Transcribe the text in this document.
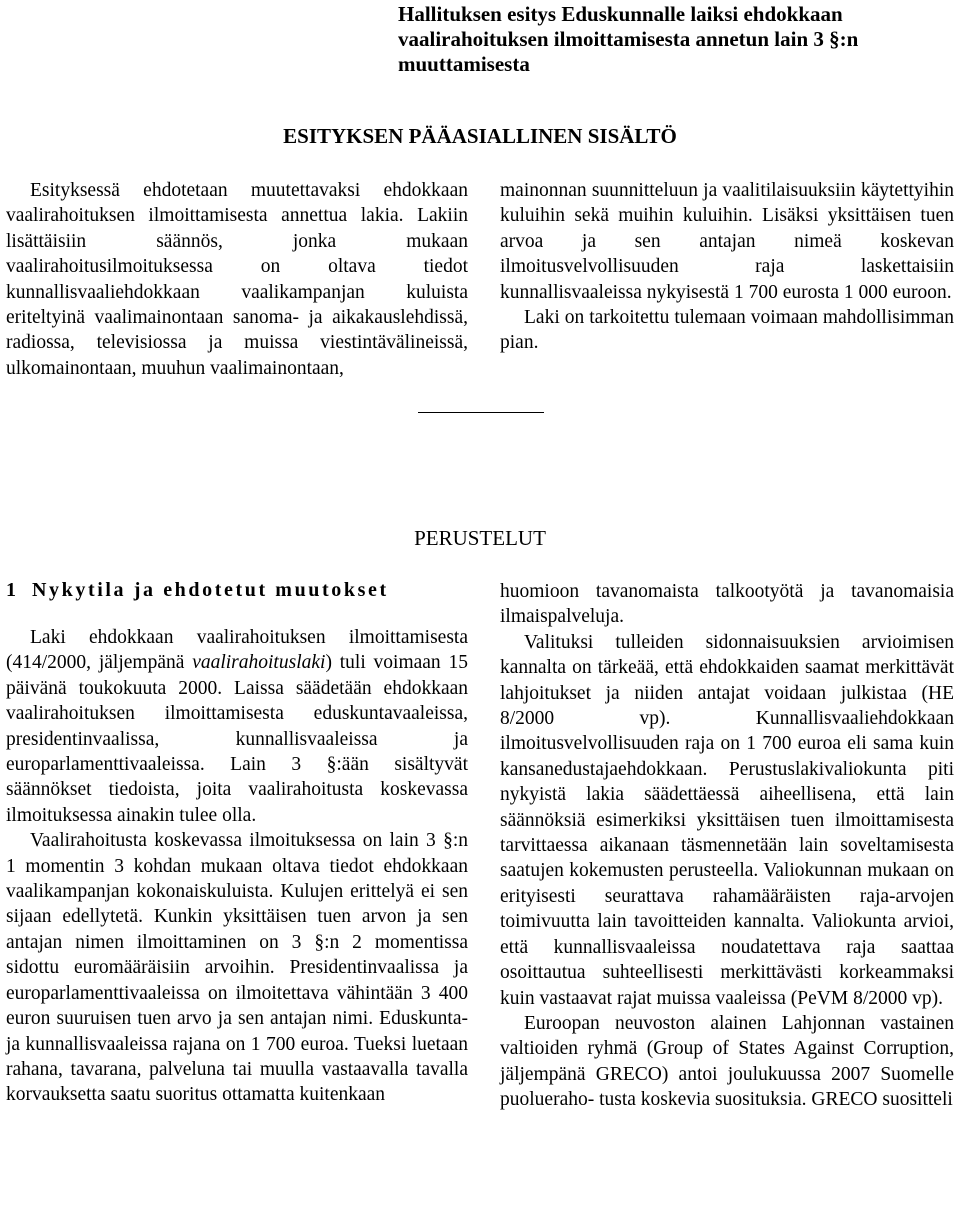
Hallituksen esitys Eduskunnalle laiksi ehdokkaan vaalirahoituksen ilmoittamisesta annetun lain 3 §:n muuttamisesta
ESITYKSEN PÄÄASIALLINEN SISÄLTÖ

Esityksessä ehdotetaan muutettavaksi ehdokkaan vaalirahoituksen ilmoittamisesta annettua lakia. Lakiin lisättäisiin säännös, jonka mukaan vaalirahoitusilmoituksessa on oltava tiedot kunnallisvaaliehdokkaan vaalikampanjan kuluista eriteltyinä vaalimainontaan sanoma- ja aikakauslehdissä, radiossa, televisiossa ja muissa viestintävälineissä, ulkomainontaan, muuhun vaalimainontaan,

mainonnan suunnitteluun ja vaalitilaisuuksiin käytettyihin kuluihin sekä muihin kuluihin. Lisäksi yksittäisen tuen arvoa ja sen antajan nimeä koskevan ilmoitusvelvollisuuden raja laskettaisiin kunnallisvaaleissa nykyisestä 1 700 eurosta 1 000 euroon.

Laki on tarkoitettu tulemaan voimaan mahdollisimman pian.

PERUSTELUT
1 Nykytila ja ehdotetut muutokset

Laki ehdokkaan vaalirahoituksen ilmoittamisesta (414/2000, jäljempänä vaalirahoituslaki) tuli voimaan 15 päivänä toukokuuta 2000. Laissa säädetään ehdokkaan vaalirahoituksen ilmoittamisesta eduskuntavaaleissa, presidentinvaalissa, kunnallisvaaleissa ja europarlamenttivaaleissa. Lain 3 §:ään sisältyvät säännökset tiedoista, joita vaalirahoitusta koskevassa ilmoituksessa ainakin tulee olla.

Vaalirahoitusta koskevassa ilmoituksessa on lain 3 §:n 1 momentin 3 kohdan mukaan oltava tiedot ehdokkaan vaalikampanjan kokonaiskuluista. Kulujen erittelyä ei sen sijaan edellytetä. Kunkin yksittäisen tuen arvon ja sen antajan nimen ilmoittaminen on 3 §:n 2 momentissa sidottu euromääräisiin arvoihin. Presidentinvaalissa ja europarlamenttivaaleissa on ilmoitettava vähintään 3 400 euron suuruisen tuen arvo ja sen antajan nimi. Eduskunta- ja kunnallisvaaleissa rajana on 1 700 euroa. Tueksi luetaan rahana, tavarana, palveluna tai muulla vastaavalla tavalla korvauksetta saatu suoritus ottamatta kuitenkaan

huomioon tavanomaista talkootyötä ja tavanomaisia ilmaispalveluja.

Valituksi tulleiden sidonnaisuuksien arvioimisen kannalta on tärkeää, että ehdokkaiden saamat merkittävät lahjoitukset ja niiden antajat voidaan julkistaa (HE 8/2000 vp). Kunnallisvaaliehdokkaan ilmoitusvelvollisuuden raja on 1 700 euroa eli sama kuin kansanedustajaehdokkaan. Perustuslakivaliokunta piti nykyistä lakia säädettäessä aiheellisena, että lain säännöksiä esimerkiksi yksittäisen tuen ilmoittamisesta tarvittaessa aikanaan täsmennetään lain soveltamisesta saatujen kokemusten perusteella. Valiokunnan mukaan on erityisesti seurattava rahamääräisten raja-arvojen toimivuutta lain tavoitteiden kannalta. Valiokunta arvioi, että kunnallisvaaleissa noudatettava raja saattaa osoittautua suhteellisesti merkittävästi korkeammaksi kuin vastaavat rajat muissa vaaleissa (PeVM 8/2000 vp).

Euroopan neuvoston alainen Lahjonnan vastainen valtioiden ryhmä (Group of States Against Corruption, jäljempänä GRECO) antoi joulukuussa 2007 Suomelle puolueraho- tusta koskevia suosituksia. GRECO suositteli
